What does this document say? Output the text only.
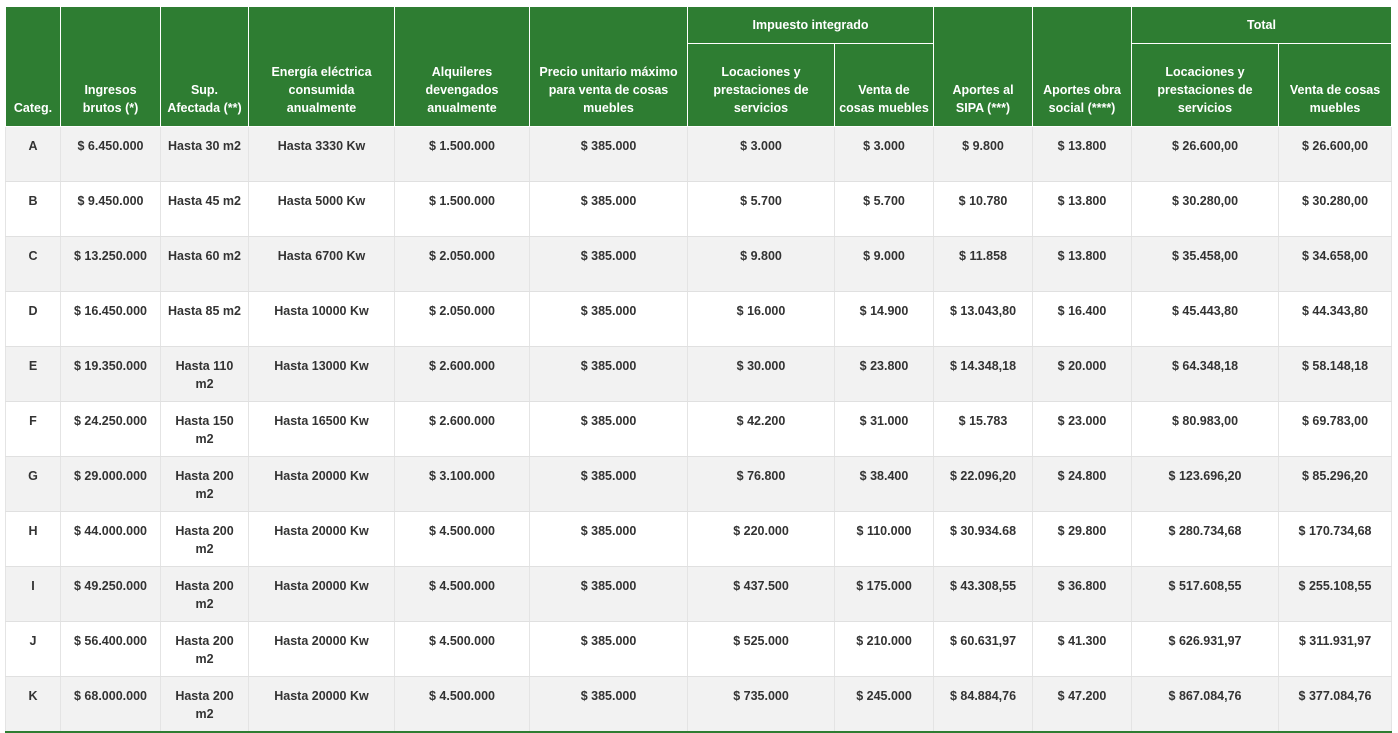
Categ.	Ingresos brutos (*)	Sup. Afectada (**)	Energía eléctrica consumida anualmente	Alquileres devengados anualmente	Precio unitario máximo para venta de cosas muebles	Impuesto integrado		Aportes al SIPA (***)	Aportes obra social (****)	Total	
						Locaciones y prestaciones de servicios	Venta de cosas muebles			Locaciones y prestaciones de servicios	Venta de cosas muebles
A	$ 6.450.000	Hasta 30 m2	Hasta 3330 Kw	$ 1.500.000	$ 385.000	$ 3.000	$ 3.000	$ 9.800	$ 13.800	$ 26.600,00	$ 26.600,00
B	$ 9.450.000	Hasta 45 m2	Hasta 5000 Kw	$ 1.500.000	$ 385.000	$ 5.700	$ 5.700	$ 10.780	$ 13.800	$ 30.280,00	$ 30.280,00
C	$ 13.250.000	Hasta 60 m2	Hasta 6700 Kw	$ 2.050.000	$ 385.000	$ 9.800	$ 9.000	$ 11.858	$ 13.800	$ 35.458,00	$ 34.658,00
D	$ 16.450.000	Hasta 85 m2	Hasta 10000 Kw	$ 2.050.000	$ 385.000	$ 16.000	$ 14.900	$ 13.043,80	$ 16.400	$ 45.443,80	$ 44.343,80
E	$ 19.350.000	Hasta 110 m2	Hasta 13000 Kw	$ 2.600.000	$ 385.000	$ 30.000	$ 23.800	$ 14.348,18	$ 20.000	$ 64.348,18	$ 58.148,18
F	$ 24.250.000	Hasta 150 m2	Hasta 16500 Kw	$ 2.600.000	$ 385.000	$ 42.200	$ 31.000	$ 15.783	$ 23.000	$ 80.983,00	$ 69.783,00
G	$ 29.000.000	Hasta 200 m2	Hasta 20000 Kw	$ 3.100.000	$ 385.000	$ 76.800	$ 38.400	$ 22.096,20	$ 24.800	$ 123.696,20	$ 85.296,20
H	$ 44.000.000	Hasta 200 m2	Hasta 20000 Kw	$ 4.500.000	$ 385.000	$ 220.000	$ 110.000	$ 30.934.68	$ 29.800	$ 280.734,68	$ 170.734,68
I	$ 49.250.000	Hasta 200 m2	Hasta 20000 Kw	$ 4.500.000	$ 385.000	$ 437.500	$ 175.000	$ 43.308,55	$ 36.800	$ 517.608,55	$ 255.108,55
J	$ 56.400.000	Hasta 200 m2	Hasta 20000 Kw	$ 4.500.000	$ 385.000	$ 525.000	$ 210.000	$ 60.631,97	$ 41.300	$ 626.931,97	$ 311.931,97
K	$ 68.000.000	Hasta 200 m2	Hasta 20000 Kw	$ 4.500.000	$ 385.000	$ 735.000	$ 245.000	$ 84.884,76	$ 47.200	$ 867.084,76	$ 377.084,76
